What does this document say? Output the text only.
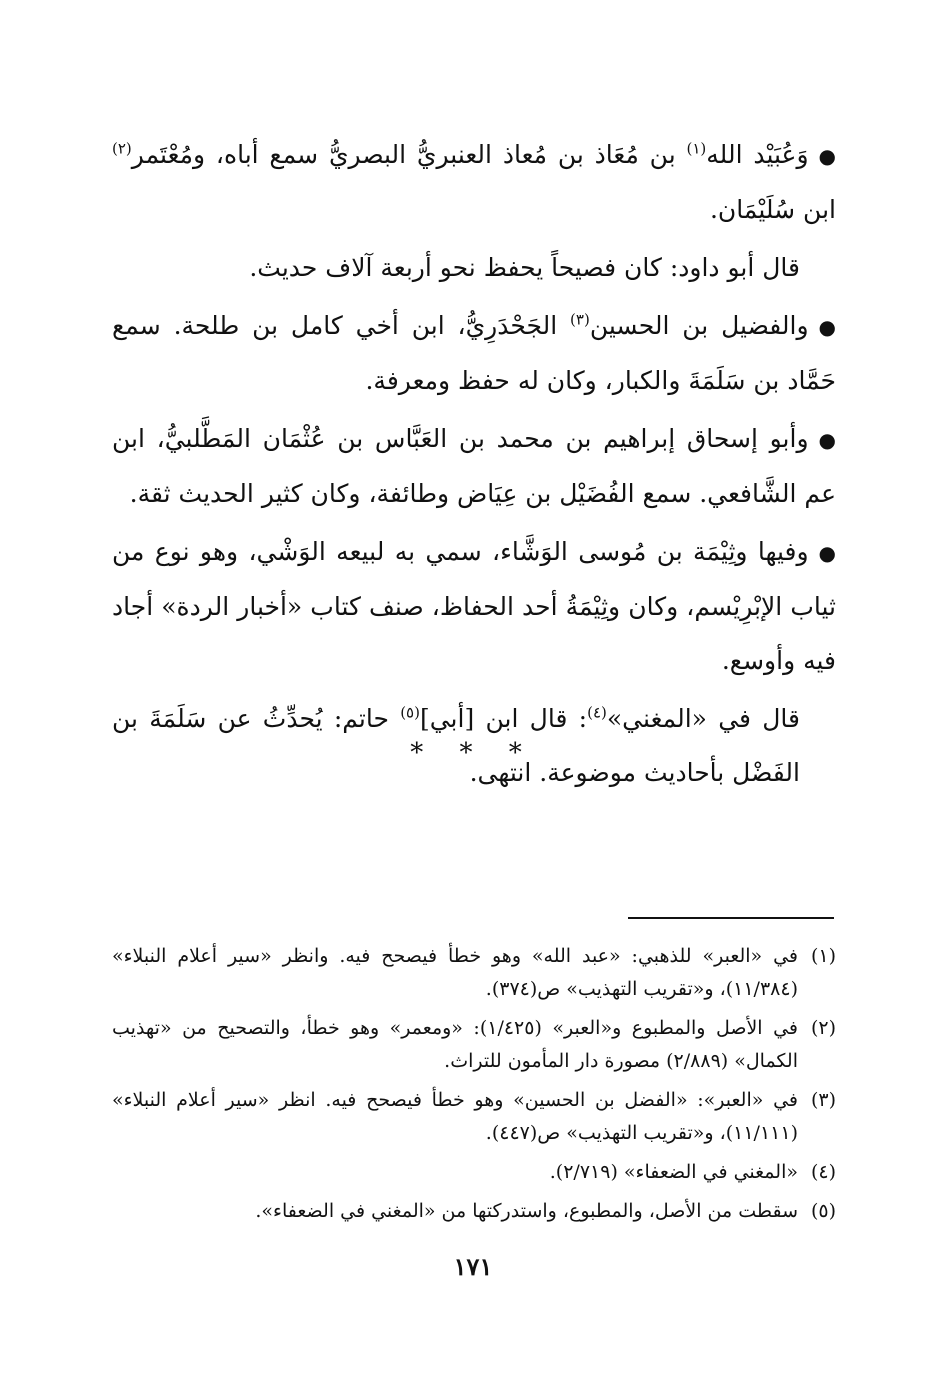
●وَعُبَيْد الله$^{(١)}$ بن مُعَاذ بن مُعاذ العنبريُّ البصريُّ سمع أباه، ومُعْتَمر$^{(٢)}$ ابن سُلَيْمَان.

قال أبو داود: كان فصيحاً يحفظ نحو أربعة آلاف حديث.

●والفضيل بن الحسين$^{(٣)}$ الجَحْدَرِيُّ، ابن أخي كامل بن طلحة. سمع حَمَّاد بن سَلَمَةَ والكبار، وكان له حفظ ومعرفة.

●وأبو إسحاق إبراهيم بن محمد بن العَبَّاس بن عُثْمَان المَطَّلبيُّ، ابن عم الشَّافعي. سمع الفُضَيْل بن عِيَاض وطائفة، وكان كثير الحديث ثقة.

●وفيها وثِيْمَة بن مُوسى الوَشَّاء، سمي به لبيعه الوَشْي، وهو نوع من ثياب الإبْرِيْسم، وكان وثِيْمَةُ أحد الحفاظ، صنف كتاب «أخبار الردة» أجاد فيه وأوسع.

قال في «المغني»$^{(٤)}$: قال ابن [أبي]$^{(٥)}$ حاتم: يُحدِّثُ عن سَلَمَةَ بن الفَضْل بأحاديث موضوعة. انتهى.

* * *

(١)في «العبر» للذهبي: «عبد الله» وهو خطأ فيصحح فيه. وانظر «سير أعلام النبلاء» (١١/٣٨٤)، و«تقريب التهذيب» ص(٣٧٤).

(٢)في الأصل والمطبوع و«العبر» (١/٤٢٥): «ومعمر» وهو خطأ، والتصحيح من «تهذيب الكمال» (٢/٨٨٩) مصورة دار المأمون للتراث.

(٣)في «العبر»: «الفضل بن الحسين» وهو خطأ فيصحح فيه. انظر «سير أعلام النبلاء» (١١/١١١)، و«تقريب التهذيب» ص(٤٤٧).

(٤)«المغني في الضعفاء» (٢/٧١٩).

(٥)سقطت من الأصل، والمطبوع، واستدركتها من «المغني في الضعفاء».

١٧١
